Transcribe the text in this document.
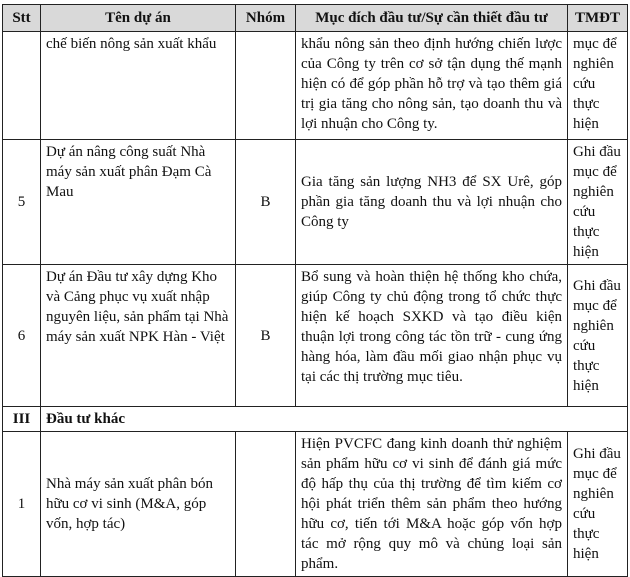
Stt	Tên dự án	Nhóm	Mục đích đầu tư/Sự cần thiết đầu tư	TMĐT
	chế biến nông sản xuất khẩu		khẩu nông sản theo định hướng chiến lược của Công ty trên cơ sở tận dụng thế mạnh hiện có để góp phần hỗ trợ và tạo thêm giá trị gia tăng cho nông sản, tạo doanh thu và lợi nhuận cho Công ty.	mục để nghiên cứu thực hiện
5	Dự án nâng công suất Nhà máy sản xuất phân Đạm Cà Mau	B	Gia tăng sản lượng NH3 để SX Urê, góp phần gia tăng doanh thu và lợi nhuận cho Công ty	Ghi đầu mục để nghiên cứu thực hiện
6	Dự án Đầu tư xây dựng Kho và Cảng phục vụ xuất nhập nguyên liệu, sản phẩm tại Nhà máy sản xuất NPK Hàn - Việt	B	Bổ sung và hoàn thiện hệ thống kho chứa, giúp Công ty chủ động trong tổ chức thực hiện kế hoạch SXKD và tạo điều kiện thuận lợi trong công tác tồn trữ - cung ứng hàng hóa, làm đầu mối giao nhận phục vụ tại các thị trường mục tiêu.	Ghi đầu mục để nghiên cứu thực hiện
III	Đầu tư khác			
1	Nhà máy sản xuất phân bón hữu cơ vi sinh (M&A, góp vốn, hợp tác)		Hiện PVCFC đang kinh doanh thử nghiệm sản phẩm hữu cơ vi sinh để đánh giá mức độ hấp thụ của thị trường để tìm kiếm cơ hội phát triển thêm sản phẩm theo hướng hữu cơ, tiến tới M&A hoặc góp vốn hợp tác mở rộng quy mô và chủng loại sản phẩm.	Ghi đầu mục để nghiên cứu thực hiện
